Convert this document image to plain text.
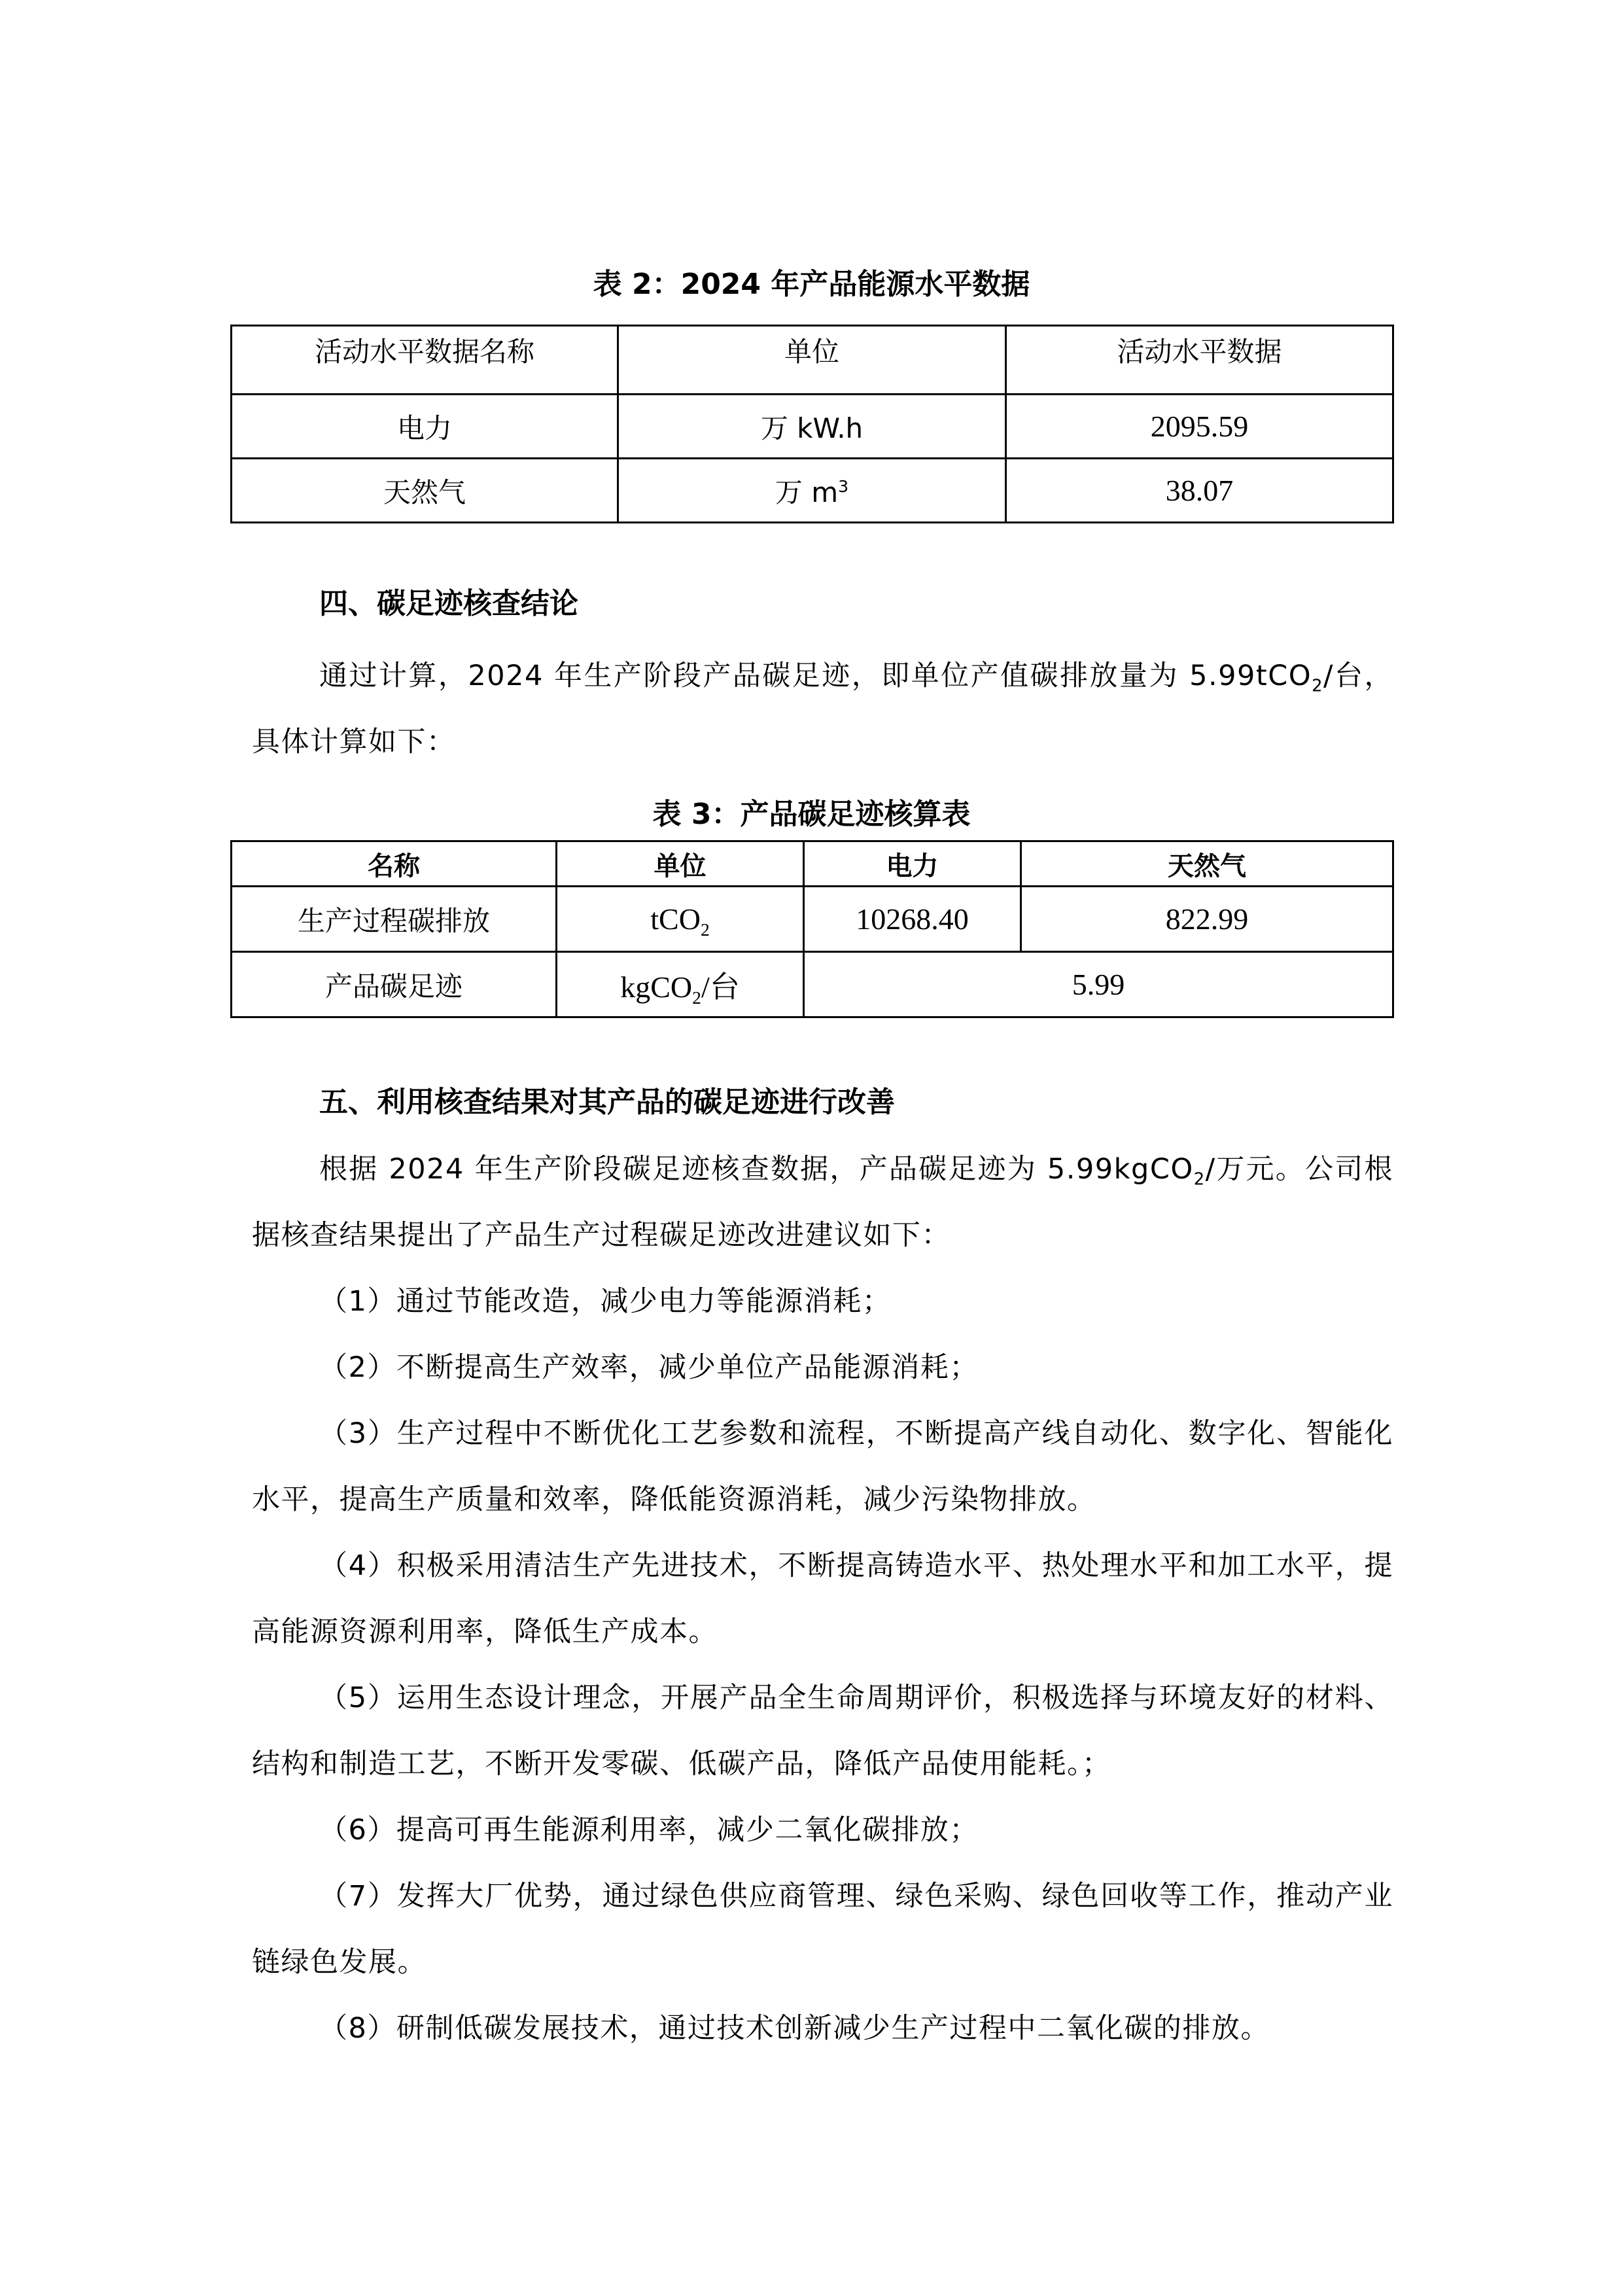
表 2：2024 年产品能源水平数据
活动水平数据名称	单位	活动水平数据
电力	万 kW.h	2095.59
天然气	万 $m^3$	38.07
四、碳足迹核查结论
通过计算，2024 年生产阶段产品碳足迹，即单位产值碳排放量为 5.99tCO$_2$/台，具体计算如下：
表 3：产品碳足迹核算表
名称	单位	电力	天然气
生产过程碳排放	tCO$_2$	10268.40	822.99
产品碳足迹	kgCO$_2$/台	5.99	
五、利用核查结果对其产品的碳足迹进行改善
根据 2024 年生产阶段碳足迹核查数据，产品碳足迹为 5.99kgCO$_2$/万元。公司根据核查结果提出了产品生产过程碳足迹改进建议如下：
（1）通过节能改造，减少电力等能源消耗；
（2）不断提高生产效率，减少单位产品能源消耗；
（3）生产过程中不断优化工艺参数和流程，不断提高产线自动化、数字化、智能化水平，提高生产质量和效率，降低能资源消耗，减少污染物排放。
（4）积极采用清洁生产先进技术，不断提高铸造水平、热处理水平和加工水平，提高能源资源利用率，降低生产成本。
（5）运用生态设计理念，开展产品全生命周期评价，积极选择与环境友好的材料、结构和制造工艺，不断开发零碳、低碳产品，降低产品使用能耗。；
（6）提高可再生能源利用率，减少二氧化碳排放；
（7）发挥大厂优势，通过绿色供应商管理、绿色采购、绿色回收等工作，推动产业链绿色发展。
（8）研制低碳发展技术，通过技术创新减少生产过程中二氧化碳的排放。
